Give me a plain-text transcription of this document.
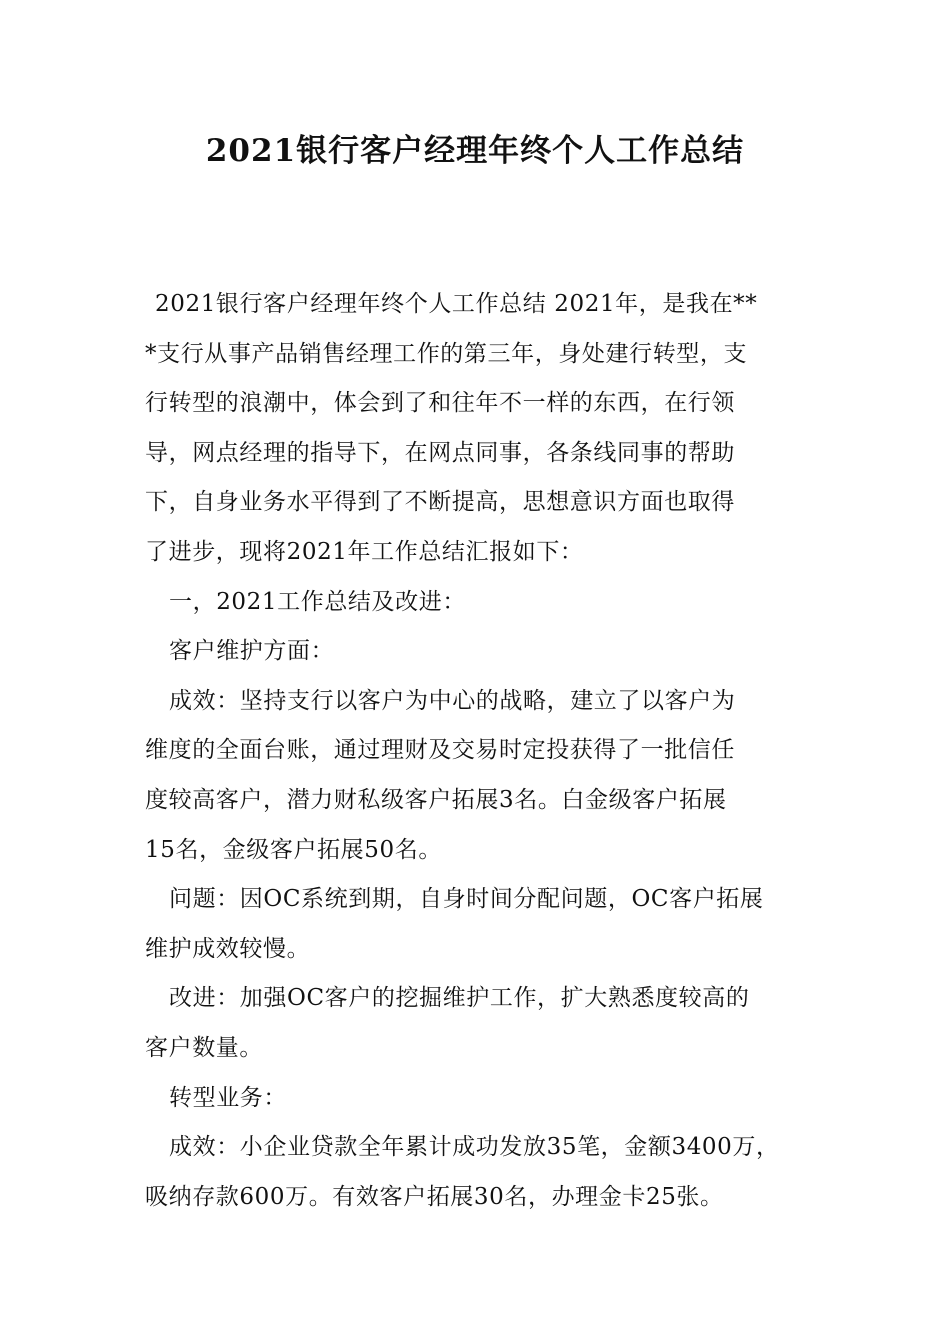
2021银行客户经理年终个人工作总结
2021银行客户经理年终个人工作总结 2021年，是我在**
*支行从事产品销售经理工作的第三年，身处建行转型，支
行转型的浪潮中，体会到了和往年不一样的东西，在行领
导，网点经理的指导下，在网点同事，各条线同事的帮助
下，自身业务水平得到了不断提高，思想意识方面也取得
了进步，现将2021年工作总结汇报如下：
一，2021工作总结及改进：
客户维护方面：
成效：坚持支行以客户为中心的战略，建立了以客户为
维度的全面台账，通过理财及交易时定投获得了一批信任
度较高客户，潜力财私级客户拓展3名。白金级客户拓展
15名，金级客户拓展50名。
问题：因OC系统到期，自身时间分配问题，OC客户拓展
维护成效较慢。
改进：加强OC客户的挖掘维护工作，扩大熟悉度较高的
客户数量。
转型业务：
成效：小企业贷款全年累计成功发放35笔，金额3400万，
吸纳存款600万。有效客户拓展30名，办理金卡25张。
